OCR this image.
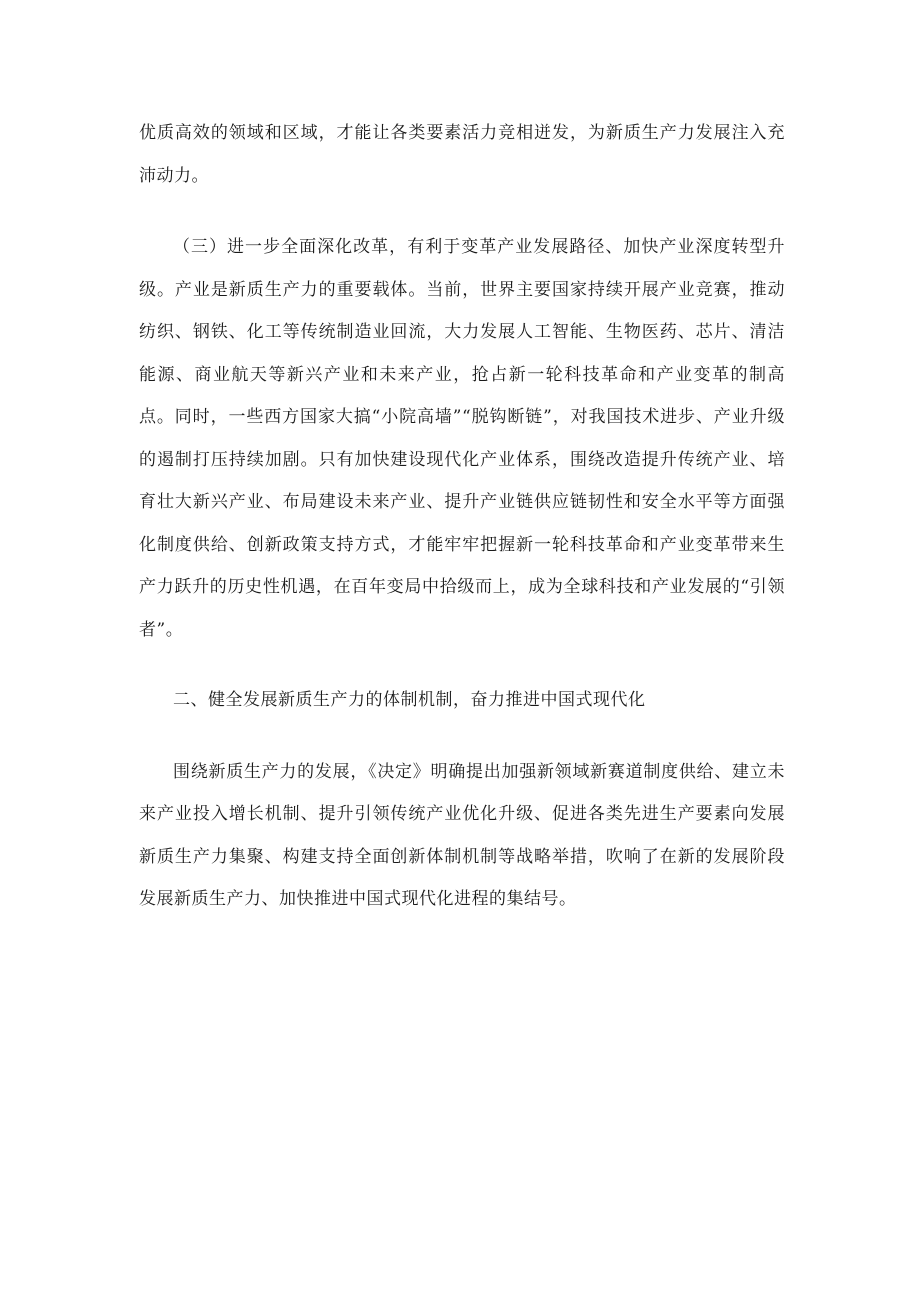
优质高效的领域和区域，才能让各类要素活力竞相迸发，为新质生产力发展注入充沛动力。

（三）进一步全面深化改革，有利于变革产业发展路径、加快产业深度转型升级。产业是新质生产力的重要载体。当前，世界主要国家持续开展产业竞赛，推动纺织、钢铁、化工等传统制造业回流，大力发展人工智能、生物医药、芯片、清洁能源、商业航天等新兴产业和未来产业，抢占新一轮科技革命和产业变革的制高点。同时，一些西方国家大搞“小院高墙”“脱钩断链”，对我国技术进步、产业升级的遏制打压持续加剧。只有加快建设现代化产业体系，围绕改造提升传统产业、培育壮大新兴产业、布局建设未来产业、提升产业链供应链韧性和安全水平等方面强化制度供给、创新政策支持方式，才能牢牢把握新一轮科技革命和产业变革带来生产力跃升的历史性机遇，在百年变局中拾级而上，成为全球科技和产业发展的“引领者”。

二、健全发展新质生产力的体制机制，奋力推进中国式现代化

围绕新质生产力的发展，《决定》明确提出加强新领域新赛道制度供给、建立未来产业投入增长机制、提升引领传统产业优化升级、促进各类先进生产要素向发展新质生产力集聚、构建支持全面创新体制机制等战略举措，吹响了在新的发展阶段发展新质生产力、加快推进中国式现代化进程的集结号。
